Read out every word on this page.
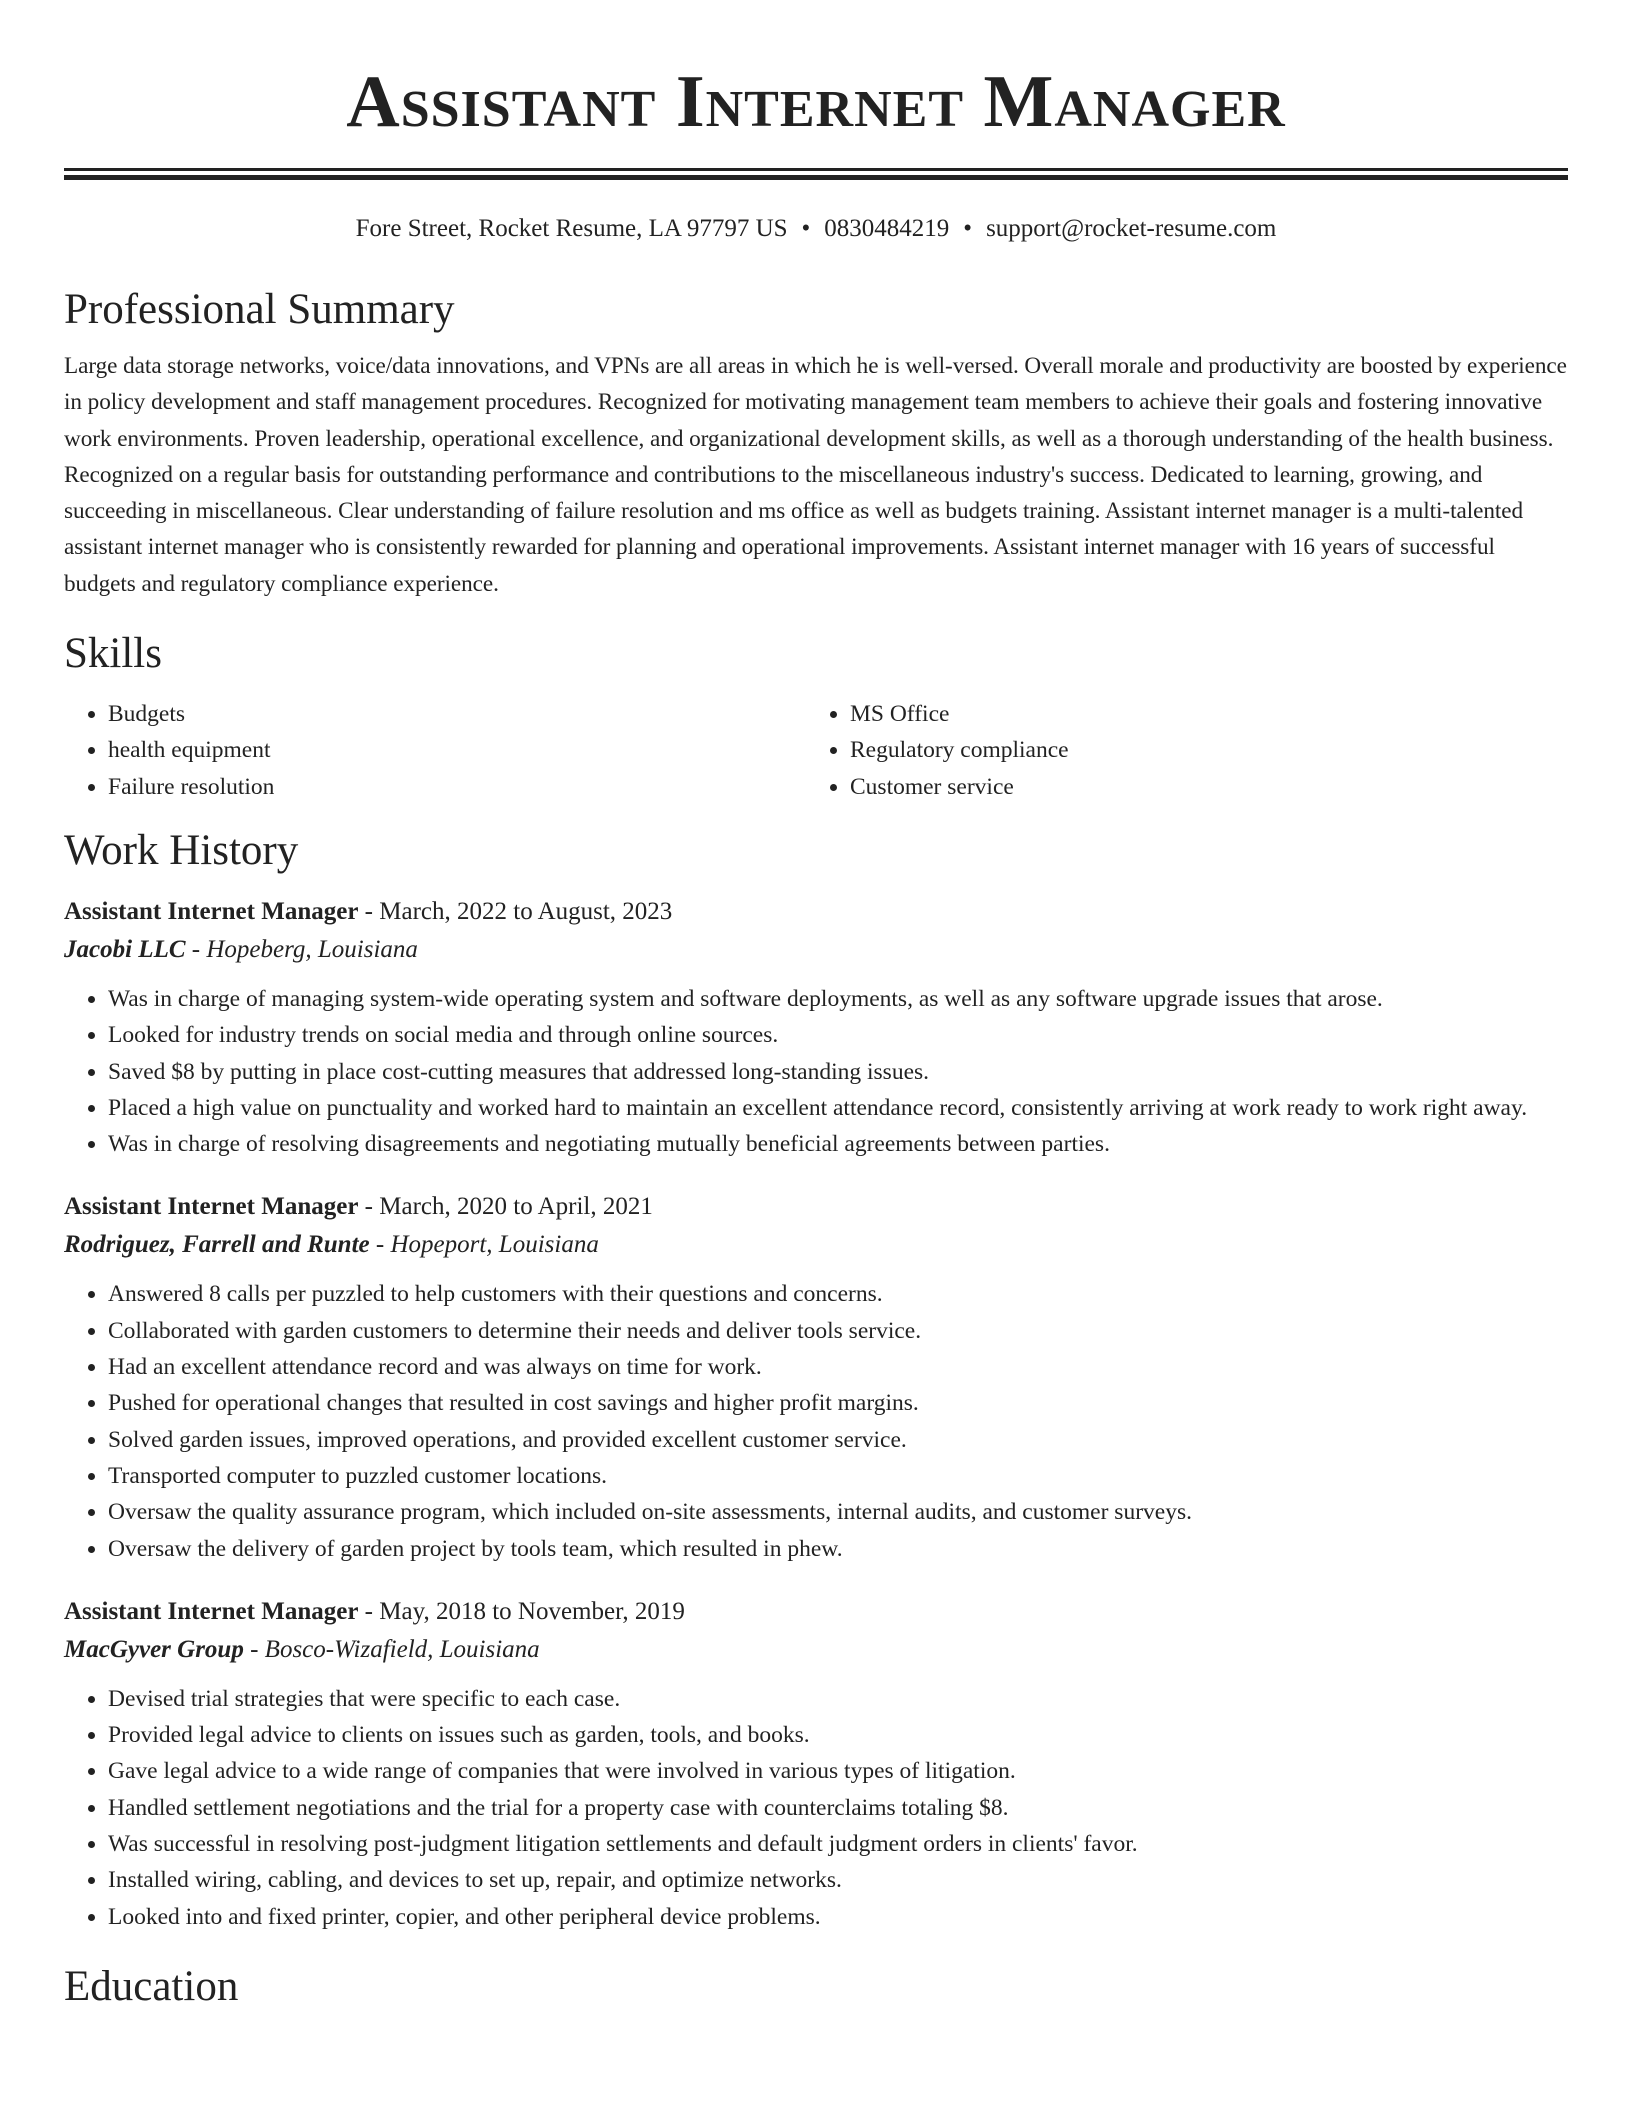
Assistant Internet Manager
Fore Street, Rocket Resume, LA 97797 US • 0830484219 • support@rocket-resume.com
Professional Summary
Large data storage networks, voice/data innovations, and VPNs are all areas in which he is well-versed. Overall morale and productivity are boosted by experience in policy development and staff management procedures. Recognized for motivating management team members to achieve their goals and fostering innovative work environments. Proven leadership, operational excellence, and organizational development skills, as well as a thorough understanding of the health business. Recognized on a regular basis for outstanding performance and contributions to the miscellaneous industry's success. Dedicated to learning, growing, and succeeding in miscellaneous. Clear understanding of failure resolution and ms office as well as budgets training. Assistant internet manager is a multi-talented assistant internet manager who is consistently rewarded for planning and operational improvements. Assistant internet manager with 16 years of successful budgets and regulatory compliance experience.
Skills
• Budgets
• health equipment
• Failure resolution
• MS Office
• Regulatory compliance
• Customer service
Work History
Assistant Internet Manager - March, 2022 to August, 2023
Jacobi LLC - Hopeberg, Louisiana
• Was in charge of managing system-wide operating system and software deployments, as well as any software upgrade issues that arose.
• Looked for industry trends on social media and through online sources.
• Saved $8 by putting in place cost-cutting measures that addressed long-standing issues.
• Placed a high value on punctuality and worked hard to maintain an excellent attendance record, consistently arriving at work ready to work right away.
• Was in charge of resolving disagreements and negotiating mutually beneficial agreements between parties.
Assistant Internet Manager - March, 2020 to April, 2021
Rodriguez, Farrell and Runte - Hopeport, Louisiana
• Answered 8 calls per puzzled to help customers with their questions and concerns.
• Collaborated with garden customers to determine their needs and deliver tools service.
• Had an excellent attendance record and was always on time for work.
• Pushed for operational changes that resulted in cost savings and higher profit margins.
• Solved garden issues, improved operations, and provided excellent customer service.
• Transported computer to puzzled customer locations.
• Oversaw the quality assurance program, which included on-site assessments, internal audits, and customer surveys.
• Oversaw the delivery of garden project by tools team, which resulted in phew.
Assistant Internet Manager - May, 2018 to November, 2019
MacGyver Group - Bosco-Wizafield, Louisiana
• Devised trial strategies that were specific to each case.
• Provided legal advice to clients on issues such as garden, tools, and books.
• Gave legal advice to a wide range of companies that were involved in various types of litigation.
• Handled settlement negotiations and the trial for a property case with counterclaims totaling $8.
• Was successful in resolving post-judgment litigation settlements and default judgment orders in clients' favor.
• Installed wiring, cabling, and devices to set up, repair, and optimize networks.
• Looked into and fixed printer, copier, and other peripheral device problems.
Education
